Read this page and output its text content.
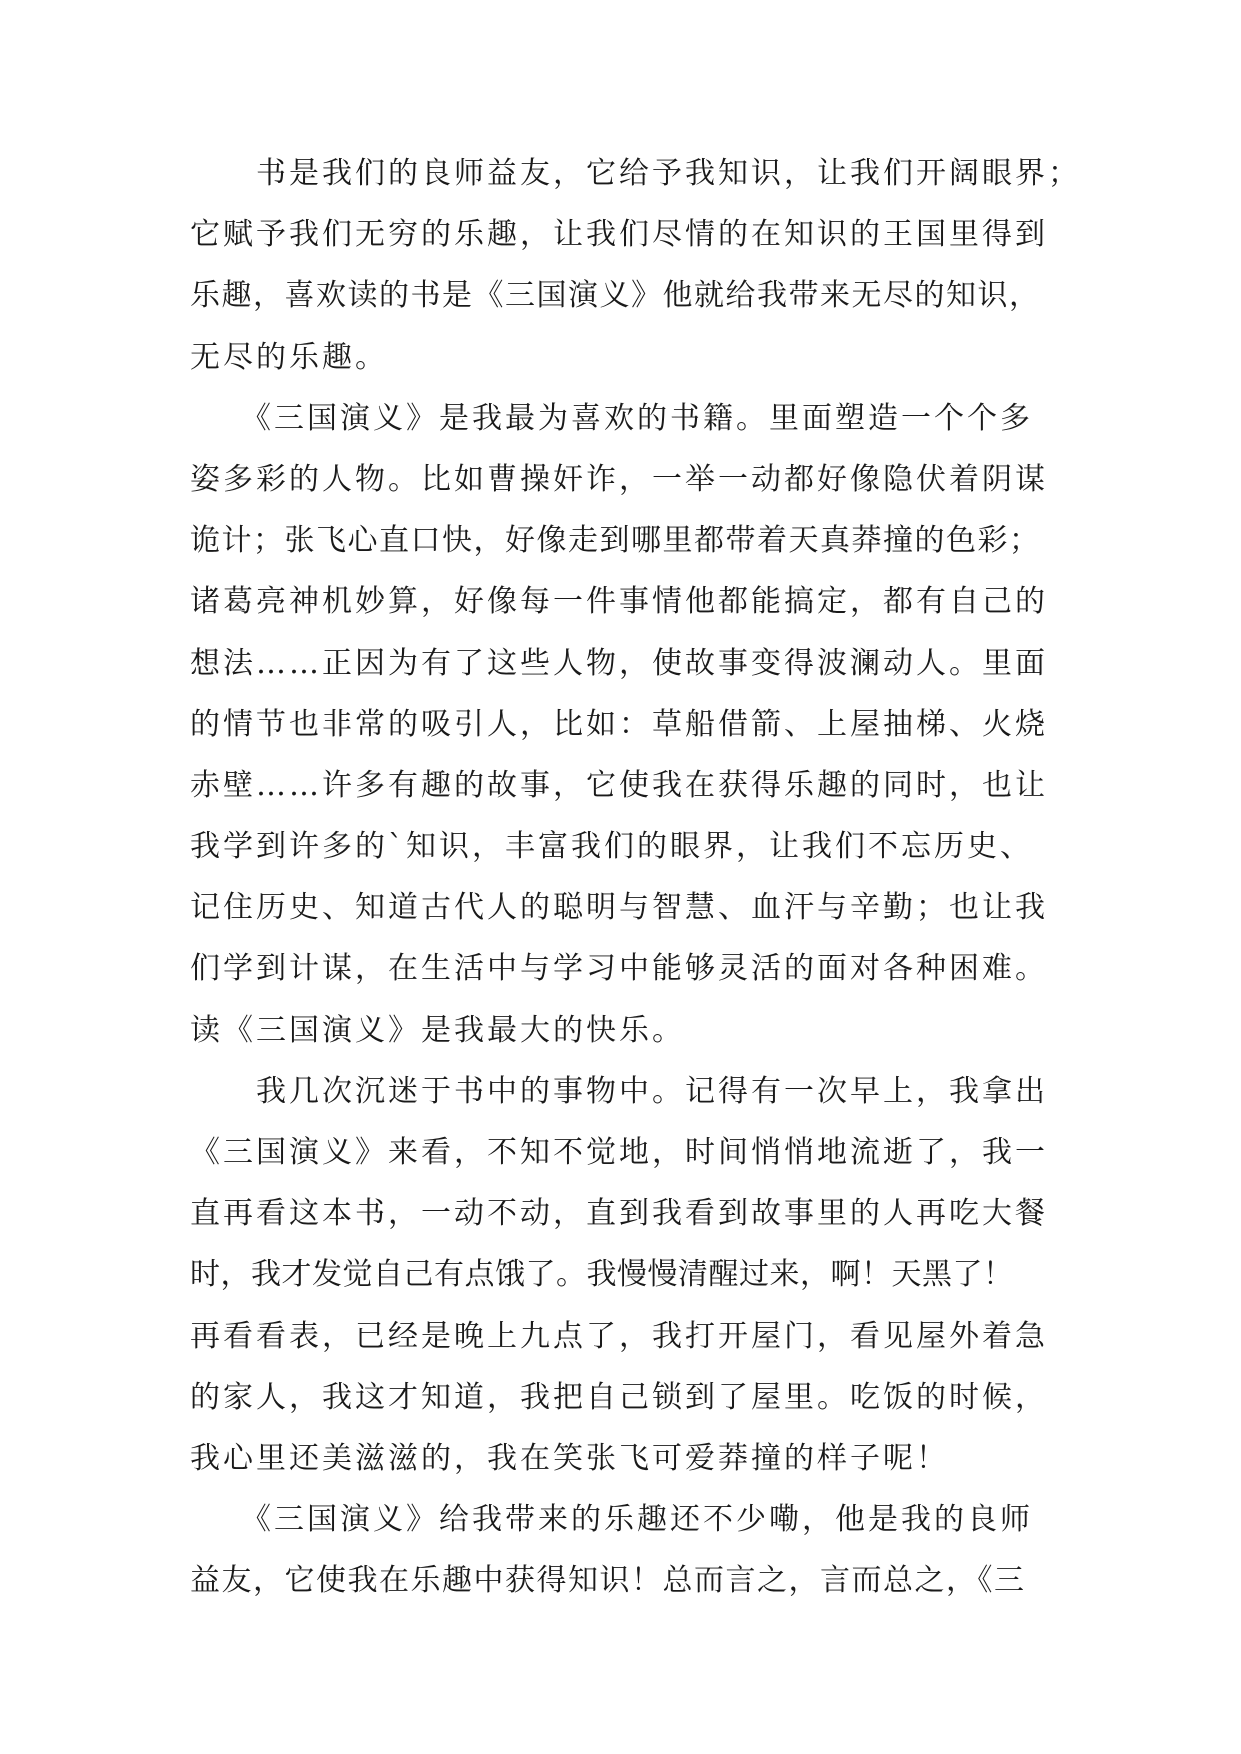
　　书是我们的良师益友，它给予我知识，让我们开阔眼界；
它赋予我们无穷的乐趣，让我们尽情的在知识的王国里得到
乐趣，喜欢读的书是《三国演义》他就给我带来无尽的知识，
无尽的乐趣。
　　《三国演义》是我最为喜欢的书籍。里面塑造一个个多
姿多彩的人物。比如曹操奸诈，一举一动都好像隐伏着阴谋
诡计；张飞心直口快，好像走到哪里都带着天真莽撞的色彩；
诸葛亮神机妙算，好像每一件事情他都能搞定，都有自己的
想法……正因为有了这些人物，使故事变得波澜动人。里面
的情节也非常的吸引人，比如：草船借箭、上屋抽梯、火烧
赤壁……许多有趣的故事，它使我在获得乐趣的同时，也让
我学到许多的`知识，丰富我们的眼界，让我们不忘历史、
记住历史、知道古代人的聪明与智慧、血汗与辛勤；也让我
们学到计谋，在生活中与学习中能够灵活的面对各种困难。
读《三国演义》是我最大的快乐。
　　我几次沉迷于书中的事物中。记得有一次早上，我拿出
《三国演义》来看，不知不觉地，时间悄悄地流逝了，我一
直再看这本书，一动不动，直到我看到故事里的人再吃大餐
时，我才发觉自己有点饿了。我慢慢清醒过来，啊！天黑了！
再看看表，已经是晚上九点了，我打开屋门，看见屋外着急
的家人，我这才知道，我把自己锁到了屋里。吃饭的时候，
我心里还美滋滋的，我在笑张飞可爱莽撞的样子呢！
　　《三国演义》给我带来的乐趣还不少嘞，他是我的良师
益友，它使我在乐趣中获得知识！总而言之，言而总之，《三
